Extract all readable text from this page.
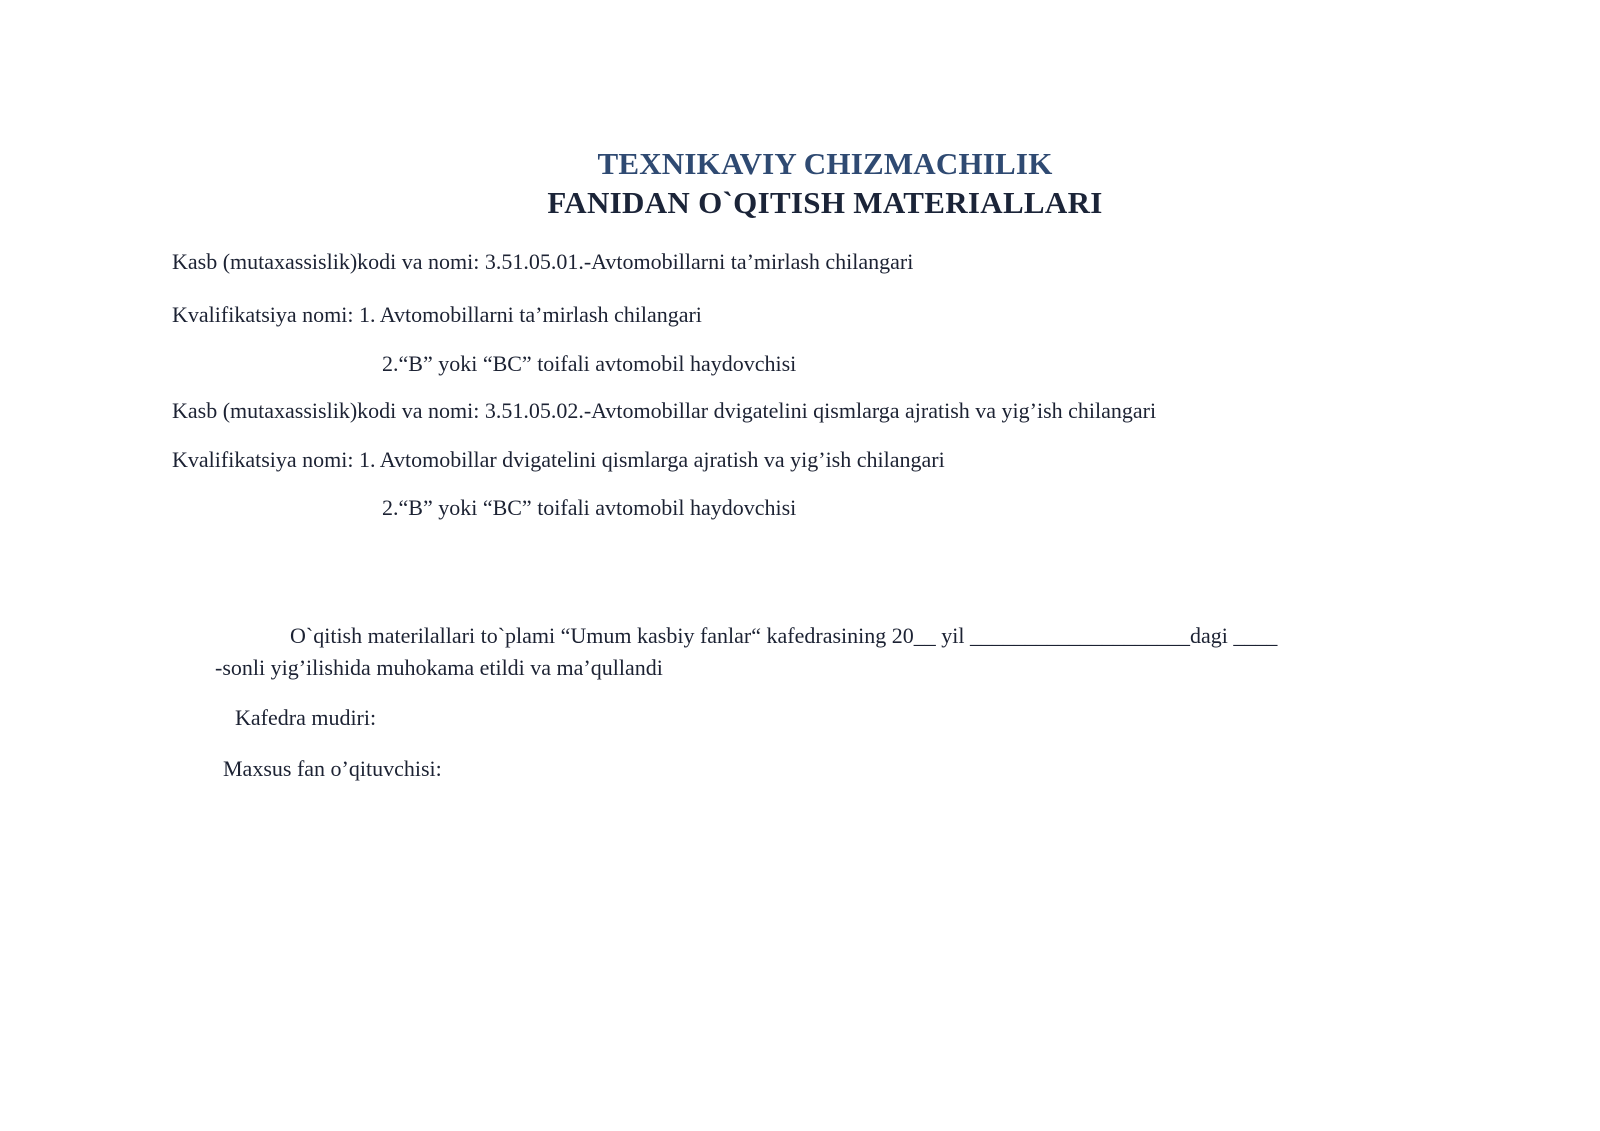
TEXNIKAVIY CHIZMACHILIK
FANIDAN O`QITISH MATERIALLARI
Kasb (mutaxassislik)kodi va nomi: 3.51.05.01.-Avtomobillarni ta’mirlash chilangari
Kvalifikatsiya nomi: 1. Avtomobillarni ta’mirlash chilangari
2.“B” yoki “BC” toifali avtomobil haydovchisi
Kasb (mutaxassislik)kodi va nomi: 3.51.05.02.-Avtomobillar dvigatelini qismlarga ajratish va yig’ish chilangari
Kvalifikatsiya nomi: 1. Avtomobillar dvigatelini qismlarga ajratish va yig’ish chilangari
2.“B” yoki “BC” toifali avtomobil haydovchisi
O`qitish materilallari to`plami “Umum kasbiy fanlar“ kafedrasining 20__ yil ____________________dagi ____
-sonli yig’ilishida muhokama etildi va ma’qullandi
Kafedra mudiri:
Maxsus fan o’qituvchisi:
